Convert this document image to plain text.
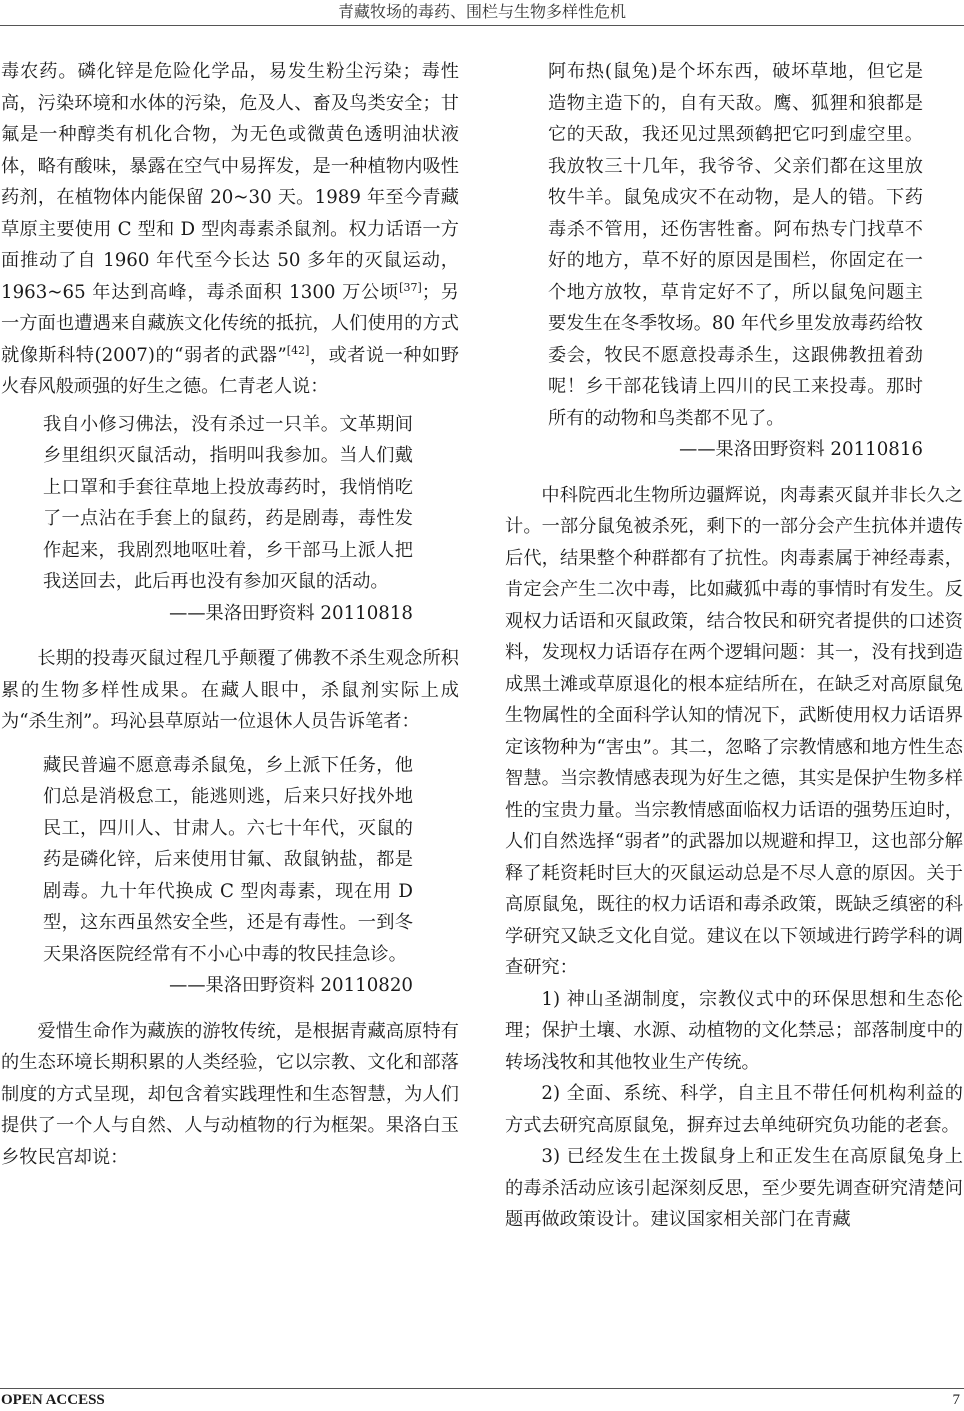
青藏牧场的毒药、围栏与生物多样性危机

毒农药。磷化锌是危险化学品，易发生粉尘污染；毒性高，污染环境和水体的污染，危及人、畜及鸟类安全；甘氟是一种醇类有机化合物，为无色或微黄色透明油状液体，略有酸味，暴露在空气中易挥发，是一种植物内吸性药剂，在植物体内能保留 20~30 天。1989 年至今青藏草原主要使用 C 型和 D 型肉毒素杀鼠剂。权力话语一方面推动了自 1960 年代至今长达 50 多年的灭鼠运动，1963~65 年达到高峰，毒杀面积 1300 万公顷[37]；另一方面也遭遇来自藏族文化传统的抵抗，人们使用的方式就像斯科特(2007)的“弱者的武器”[42]，或者说一种如野火春风般顽强的好生之德。仁青老人说：

我自小修习佛法，没有杀过一只羊。文革期间乡里组织灭鼠活动，指明叫我参加。当人们戴上口罩和手套往草地上投放毒药时，我悄悄吃了一点沾在手套上的鼠药，药是剧毒，毒性发作起来，我剧烈地呕吐着，乡干部马上派人把我送回去，此后再也没有参加灭鼠的活动。

——果洛田野资料 20110818

长期的投毒灭鼠过程几乎颠覆了佛教不杀生观念所积累的生物多样性成果。在藏人眼中，杀鼠剂实际上成为“杀生剂”。玛沁县草原站一位退休人员告诉笔者：

藏民普遍不愿意毒杀鼠兔，乡上派下任务，他们总是消极怠工，能逃则逃，后来只好找外地民工，四川人、甘肃人。六七十年代，灭鼠的药是磷化锌，后来使用甘氟、敌鼠钠盐，都是剧毒。九十年代换成 C 型肉毒素，现在用 D 型，这东西虽然安全些，还是有毒性。一到冬天果洛医院经常有不小心中毒的牧民挂急诊。

——果洛田野资料 20110820

爱惜生命作为藏族的游牧传统，是根据青藏高原特有的生态环境长期积累的人类经验，它以宗教、文化和部落制度的方式呈现，却包含着实践理性和生态智慧，为人们提供了一个人与自然、人与动植物的行为框架。果洛白玉乡牧民宫却说：

阿布热(鼠兔)是个坏东西，破坏草地，但它是造物主造下的，自有天敌。鹰、狐狸和狼都是它的天敌，我还见过黑颈鹤把它叼到虚空里。我放牧三十几年，我爷爷、父亲们都在这里放牧牛羊。鼠兔成灾不在动物，是人的错。下药毒杀不管用，还伤害牲畜。阿布热专门找草不好的地方，草不好的原因是围栏，你固定在一个地方放牧，草肯定好不了，所以鼠兔问题主要发生在冬季牧场。80 年代乡里发放毒药给牧委会，牧民不愿意投毒杀生，这跟佛教扭着劲呢！乡干部花钱请上四川的民工来投毒。那时所有的动物和鸟类都不见了。

——果洛田野资料 20110816

中科院西北生物所边疆辉说，肉毒素灭鼠并非长久之计。一部分鼠兔被杀死，剩下的一部分会产生抗体并遗传后代，结果整个种群都有了抗性。肉毒素属于神经毒素，肯定会产生二次中毒，比如藏狐中毒的事情时有发生。反观权力话语和灭鼠政策，结合牧民和研究者提供的口述资料，发现权力话语存在两个逻辑问题：其一，没有找到造成黑土滩或草原退化的根本症结所在，在缺乏对高原鼠兔生物属性的全面科学认知的情况下，武断使用权力话语界定该物种为“害虫”。其二，忽略了宗教情感和地方性生态智慧。当宗教情感表现为好生之德，其实是保护生物多样性的宝贵力量。当宗教情感面临权力话语的强势压迫时，人们自然选择“弱者”的武器加以规避和捍卫，这也部分解释了耗资耗时巨大的灭鼠运动总是不尽人意的原因。关于高原鼠兔，既往的权力话语和毒杀政策，既缺乏缜密的科学研究又缺乏文化自觉。建议在以下领域进行跨学科的调查研究：

1) 神山圣湖制度，宗教仪式中的环保思想和生态伦理；保护土壤、水源、动植物的文化禁忌；部落制度中的转场浅牧和其他牧业生产传统。

2) 全面、系统、科学，自主且不带任何机构利益的方式去研究高原鼠兔，摒弃过去单纯研究负功能的老套。

3) 已经发生在土拨鼠身上和正发生在高原鼠兔身上的毒杀活动应该引起深刻反思，至少要先调查研究清楚问题再做政策设计。建议国家相关部门在青藏

OPEN ACCESS	7
